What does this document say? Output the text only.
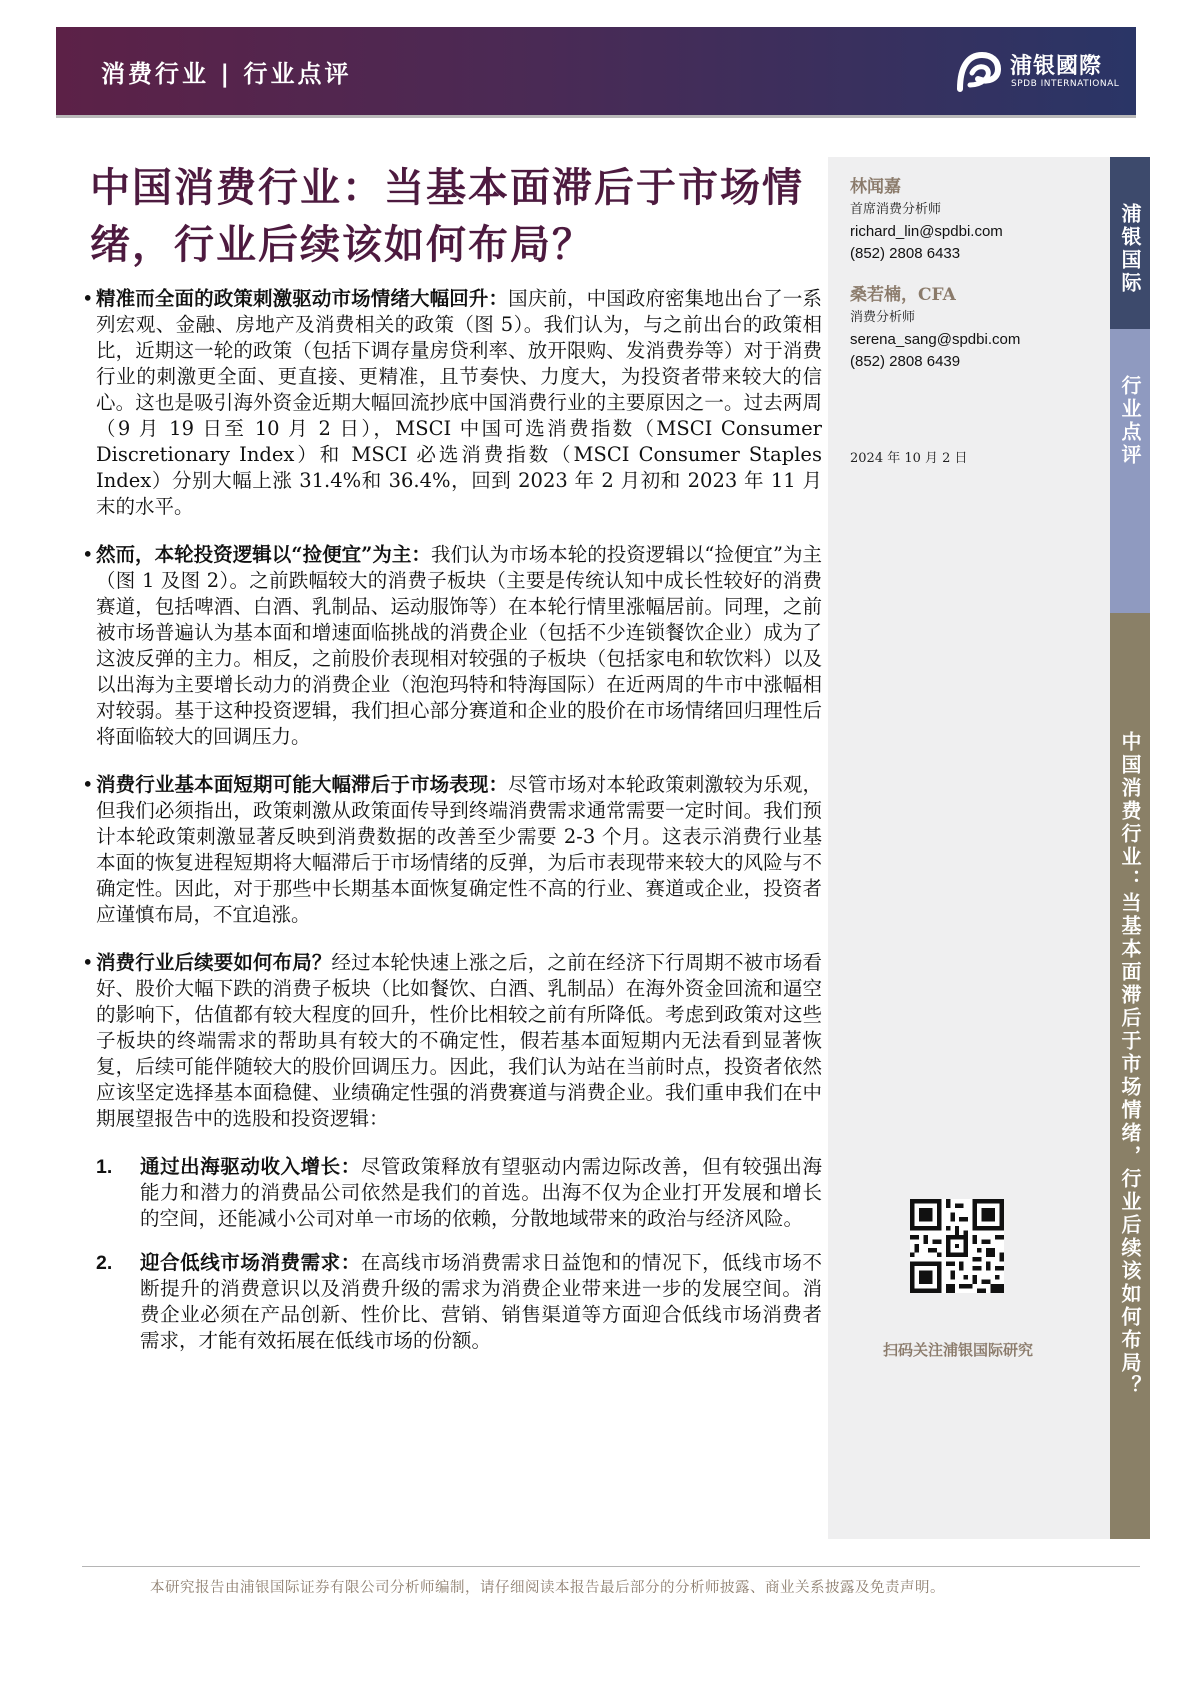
消费行业 | 行业点评	浦银國際
SPDB INTERNATIONAL
中国消费行业：当基本面滞后于市场情绪，行业后续该如何布局？
• 精准而全面的政策刺激驱动市场情绪大幅回升：国庆前，中国政府密集地出台了一系列宏观、金融、房地产及消费相关的政策（图 5）。我们认为，与之前出台的政策相比，近期这一轮的政策（包括下调存量房贷利率、放开限购、发消费券等）对于消费行业的刺激更全面、更直接、更精准，且节奏快、力度大，为投资者带来较大的信心。这也是吸引海外资金近期大幅回流抄底中国消费行业的主要原因之一。过去两周（9 月 19 日至 10 月 2 日），MSCI 中国可选消费指数（MSCI Consumer Discretionary Index）和 MSCI 必选消费指数（MSCI Consumer Staples Index）分别大幅上涨 31.4%和 36.4%，回到 2023 年 2 月初和 2023 年 11 月末的水平。
• 然而，本轮投资逻辑以“捡便宜”为主：我们认为市场本轮的投资逻辑以“捡便宜”为主（图 1 及图 2）。之前跌幅较大的消费子板块（主要是传统认知中成长性较好的消费赛道，包括啤酒、白酒、乳制品、运动服饰等）在本轮行情里涨幅居前。同理，之前被市场普遍认为基本面和增速面临挑战的消费企业（包括不少连锁餐饮企业）成为了这波反弹的主力。相反，之前股价表现相对较强的子板块（包括家电和软饮料）以及以出海为主要增长动力的消费企业（泡泡玛特和特海国际）在近两周的牛市中涨幅相对较弱。基于这种投资逻辑，我们担心部分赛道和企业的股价在市场情绪回归理性后将面临较大的回调压力。
• 消费行业基本面短期可能大幅滞后于市场表现：尽管市场对本轮政策刺激较为乐观，但我们必须指出，政策刺激从政策面传导到终端消费需求通常需要一定时间。我们预计本轮政策刺激显著反映到消费数据的改善至少需要 2-3 个月。这表示消费行业基本面的恢复进程短期将大幅滞后于市场情绪的反弹，为后市表现带来较大的风险与不确定性。因此，对于那些中长期基本面恢复确定性不高的行业、赛道或企业，投资者应谨慎布局，不宜追涨。
• 消费行业后续要如何布局？经过本轮快速上涨之后，之前在经济下行周期不被市场看好、股价大幅下跌的消费子板块（比如餐饮、白酒、乳制品）在海外资金回流和逼空的影响下，估值都有较大程度的回升，性价比相较之前有所降低。考虑到政策对这些子板块的终端需求的帮助具有较大的不确定性，假若基本面短期内无法看到显著恢复，后续可能伴随较大的股价回调压力。因此，我们认为站在当前时点，投资者依然应该坚定选择基本面稳健、业绩确定性强的消费赛道与消费企业。我们重申我们在中期展望报告中的选股和投资逻辑：
1. 通过出海驱动收入增长：尽管政策释放有望驱动内需边际改善，但有较强出海能力和潜力的消费品公司依然是我们的首选。出海不仅为企业打开发展和增长的空间，还能减小公司对单一市场的依赖，分散地域带来的政治与经济风险。
2. 迎合低线市场消费需求：在高线市场消费需求日益饱和的情况下，低线市场不断提升的消费意识以及消费升级的需求为消费企业带来进一步的发展空间。消费企业必须在产品创新、性价比、营销、销售渠道等方面迎合低线市场消费者需求，才能有效拓展在低线市场的份额。
林闻嘉
首席消费分析师
richard_lin@spdbi.com
(852) 2808 6433
桑若楠，CFA
消费分析师
serena_sang@spdbi.com
(852) 2808 6439
2024 年 10 月 2 日
扫码关注浦银国际研究
浦银国际
行业点评
中国消费行业：当基本面滞后于市场情绪，行业后续该如何布局？
本研究报告由浦银国际证券有限公司分析师编制，请仔细阅读本报告最后部分的分析师披露、商业关系披露及免责声明。
